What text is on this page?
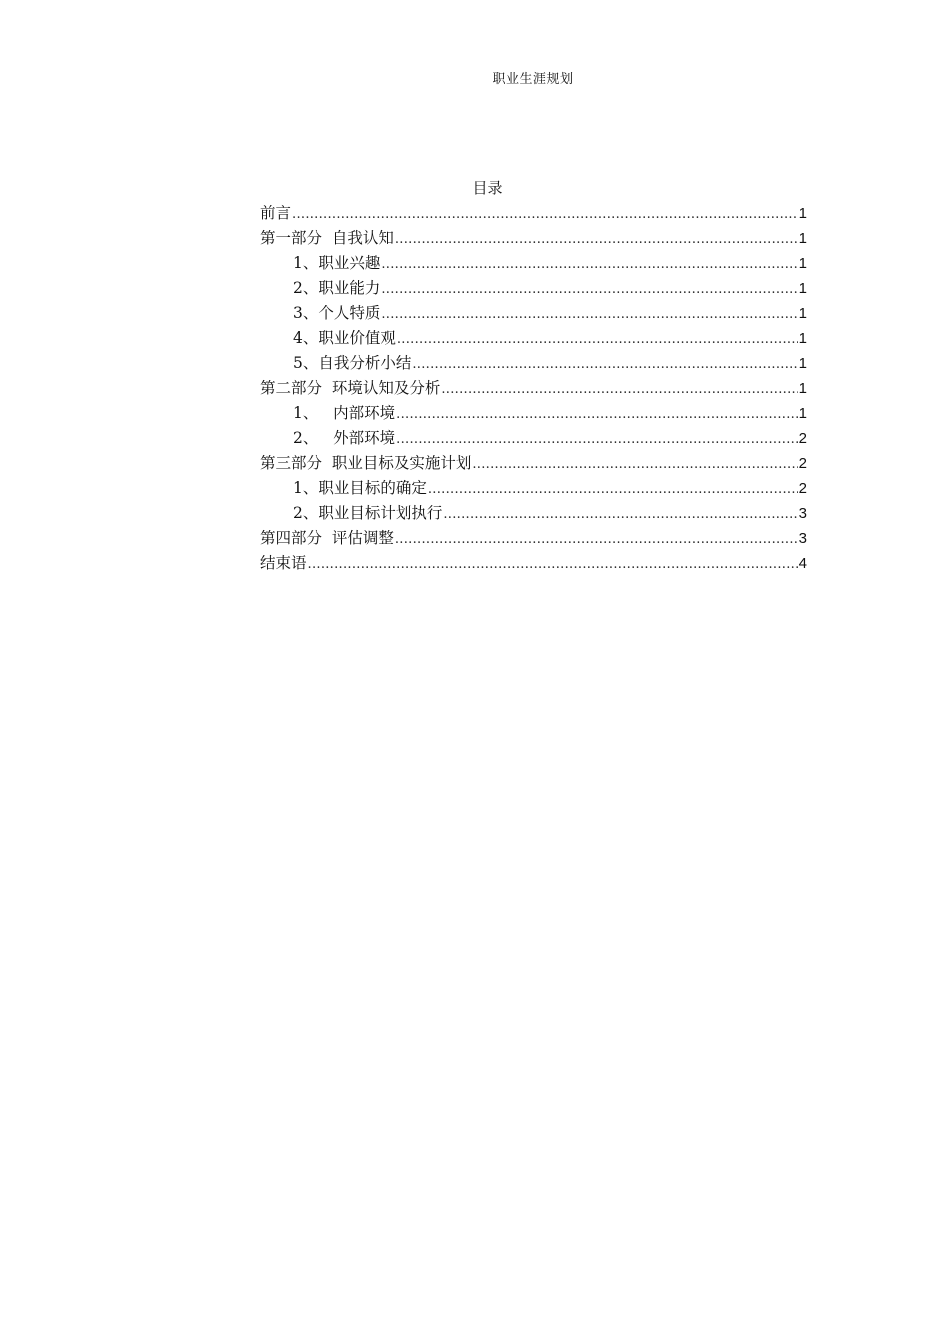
职业生涯规划
目录
前言 .....	1
第一部分  自我认知 .....	1
1、职业兴趣 .....	1
2、职业能力 .....	1
3、个人特质 .....	1
4、职业价值观 .....	1
5、自我分析小结 .....	1
第二部分  环境认知及分析 .....	1
1、   内部环境 .....	1
2、   外部环境 .....	2
第三部分  职业目标及实施计划 .....	2
1、职业目标的确定 .....	2
2、职业目标计划执行 .....	3
第四部分  评估调整 .....	3
结束语 .....	4
